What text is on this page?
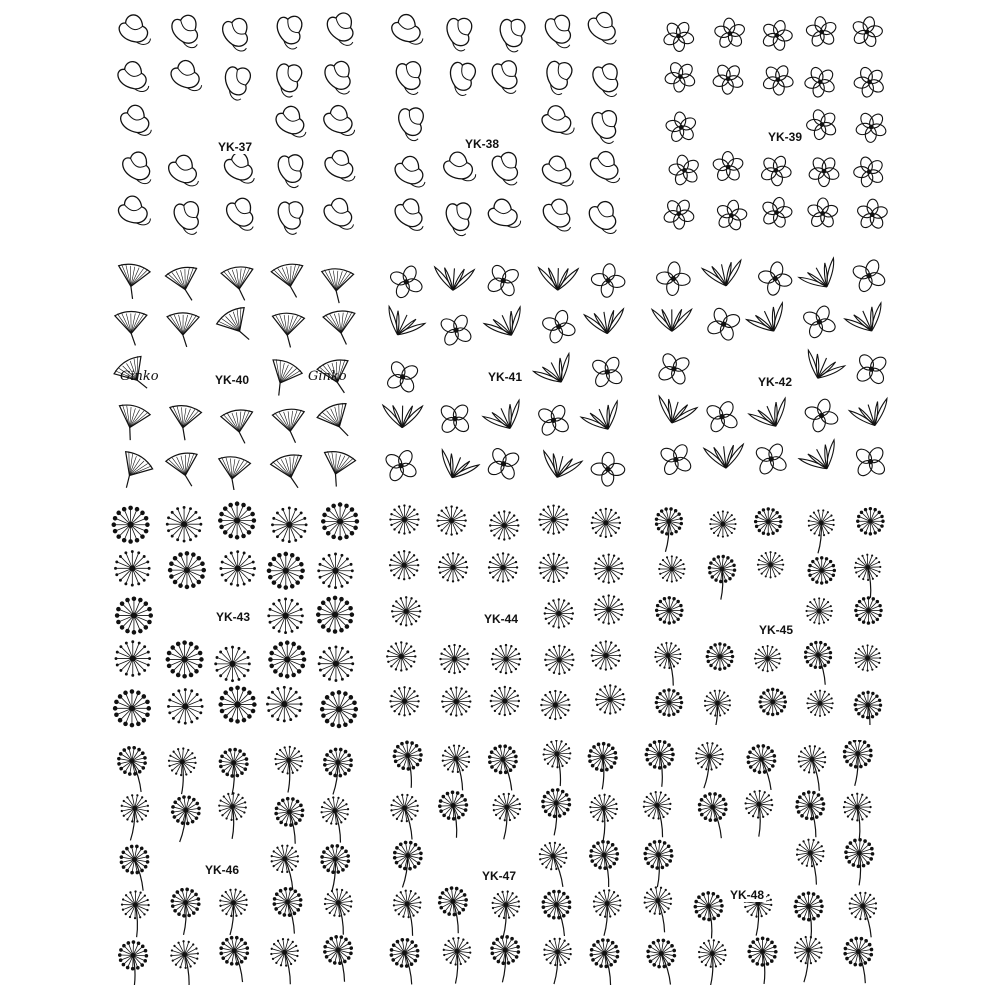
YK-37	YK-38	YK-39
YK-40
Ginko	Ginko	YK-41	YK-42
YK-43	YK-44
YK-45
YK-46	YK-47
YK-48
